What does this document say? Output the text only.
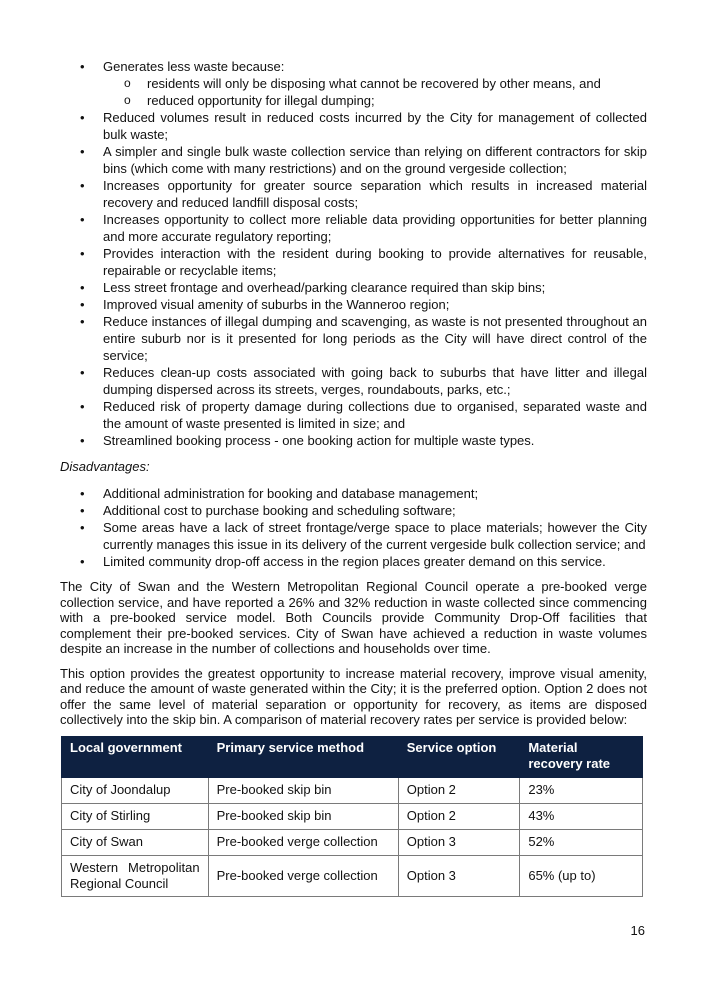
• Generates less waste because:
o residents will only be disposing what cannot be recovered by other means, and
o reduced opportunity for illegal dumping;
• Reduced volumes result in reduced costs incurred by the City for management of collected bulk waste;
• A simpler and single bulk waste collection service than relying on different contractors for skip bins (which come with many restrictions) and on the ground vergeside collection;
• Increases opportunity for greater source separation which results in increased material recovery and reduced landfill disposal costs;
• Increases opportunity to collect more reliable data providing opportunities for better planning and more accurate regulatory reporting;
• Provides interaction with the resident during booking to provide alternatives for reusable, repairable or recyclable items;
• Less street frontage and overhead/parking clearance required than skip bins;
• Improved visual amenity of suburbs in the Wanneroo region;
• Reduce instances of illegal dumping and scavenging, as waste is not presented throughout an entire suburb nor is it presented for long periods as the City will have direct control of the service;
• Reduces clean-up costs associated with going back to suburbs that have litter and illegal dumping dispersed across its streets, verges, roundabouts, parks, etc.;
• Reduced risk of property damage during collections due to organised, separated waste and the amount of waste presented is limited in size; and
• Streamlined booking process - one booking action for multiple waste types.
Disadvantages:
• Additional administration for booking and database management;
• Additional cost to purchase booking and scheduling software;
• Some areas have a lack of street frontage/verge space to place materials; however the City currently manages this issue in its delivery of the current vergeside bulk collection service; and
• Limited community drop-off access in the region places greater demand on this service.

The City of Swan and the Western Metropolitan Regional Council operate a pre-booked verge collection service, and have reported a 26% and 32% reduction in waste collected since commencing with a pre-booked service model. Both Councils provide Community Drop-Off facilities that complement their pre-booked services. City of Swan have achieved a reduction in waste volumes despite an increase in the number of collections and households over time.

This option provides the greatest opportunity to increase material recovery, improve visual amenity, and reduce the amount of waste generated within the City; it is the preferred option. Option 2 does not offer the same level of material separation or opportunity for recovery, as items are disposed collectively into the skip bin. A comparison of material recovery rates per service is provided below:

Local government	Primary service method	Service option	Material recovery rate
City of Joondalup	Pre-booked skip bin	Option 2	23%
City of Stirling	Pre-booked skip bin	Option 2	43%
City of Swan	Pre-booked verge collection	Option 3	52%
Western Metropolitan Regional Council	Pre-booked verge collection	Option 3	65% (up to)
16
